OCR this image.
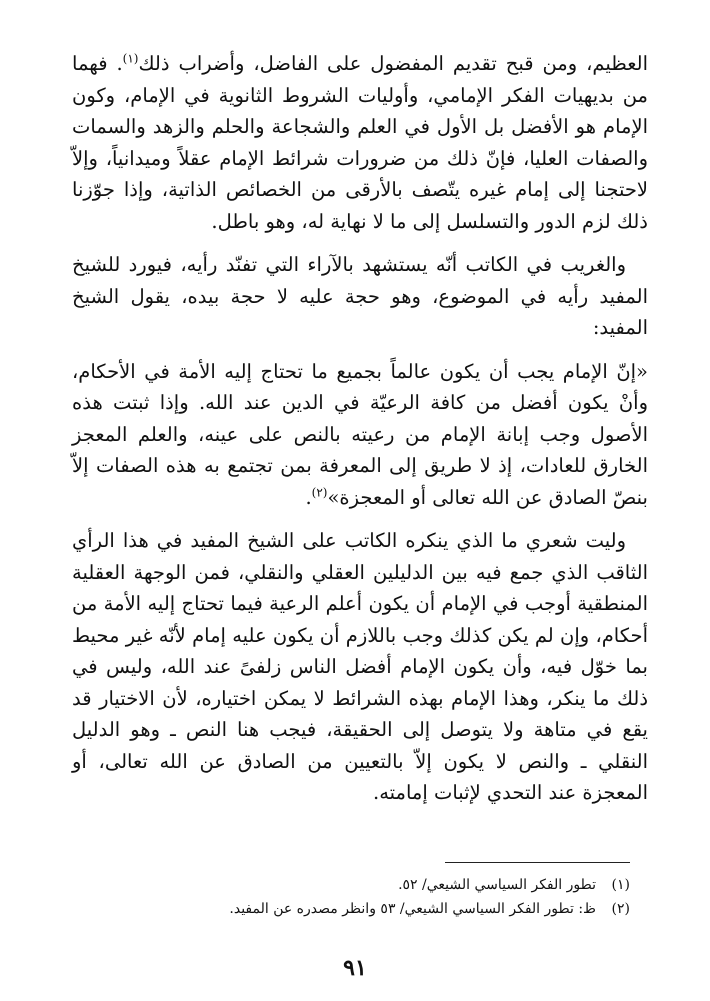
العظيم، ومن قبح تقديم المفضول على الفاضل، وأضراب ذلك$^{(١)}$. فهما من بديهيات الفكر الإمامي، وأوليات الشروط الثانوية في الإمام، وكون الإمام هو الأفضل بل الأول في العلم والشجاعة والحلم والزهد والسمات والصفات العليا، فإنّ ذلك من ضرورات شرائط الإمام عقلاً وميدانياً، وإلاّ لاحتجنا إلى إمام غيره يتّصف بالأرقى من الخصائص الذاتية، وإذا جوّزنا ذلك لزم الدور والتسلسل إلى ما لا نهاية له، وهو باطل.

والغريب في الكاتب أنّه يستشهد بالآراء التي تفنّد رأيه، فيورد للشيخ المفيد رأيه في الموضوع، وهو حجة عليه لا حجة بيده، يقول الشيخ المفيد:

«إنّ الإمام يجب أن يكون عالماً بجميع ما تحتاج إليه الأمة في الأحكام، وأنْ يكون أفضل من كافة الرعيّة في الدين عند الله. وإذا ثبتت هذه الأصول وجب إبانة الإمام من رعيته بالنص على عينه، والعلم المعجز الخارق للعادات، إذ لا طريق إلى المعرفة بمن تجتمع به هذه الصفات إلاّ بنصّ الصادق عن الله تعالى أو المعجزة»$^{(٢)}$.

وليت شعري ما الذي ينكره الكاتب على الشيخ المفيد في هذا الرأي الثاقب الذي جمع فيه بين الدليلين العقلي والنقلي، فمن الوجهة العقلية المنطقية أوجب في الإمام أن يكون أعلم الرعية فيما تحتاج إليه الأمة من أحكام، وإن لم يكن كذلك وجب باللازم أن يكون عليه إمام لأنّه غير محيط بما خوّل فيه، وأن يكون الإمام أفضل الناس زلفىً عند الله، وليس في ذلك ما ينكر، وهذا الإمام بهذه الشرائط لا يمكن اختياره، لأن الاختيار قد يقع في متاهة ولا يتوصل إلى الحقيقة، فيجب هنا النص ـ وهو الدليل النقلي ـ والنص لا يكون إلاّ بالتعيين من الصادق عن الله تعالى، أو المعجزة عند التحدي لإثبات إمامته.

(١)
تطور الفكر السياسي الشيعي/ ٥٢.
(٢)
ظ: تطور الفكر السياسي الشيعي/ ٥٣ وانظر مصدره عن المفيد.
٩١
